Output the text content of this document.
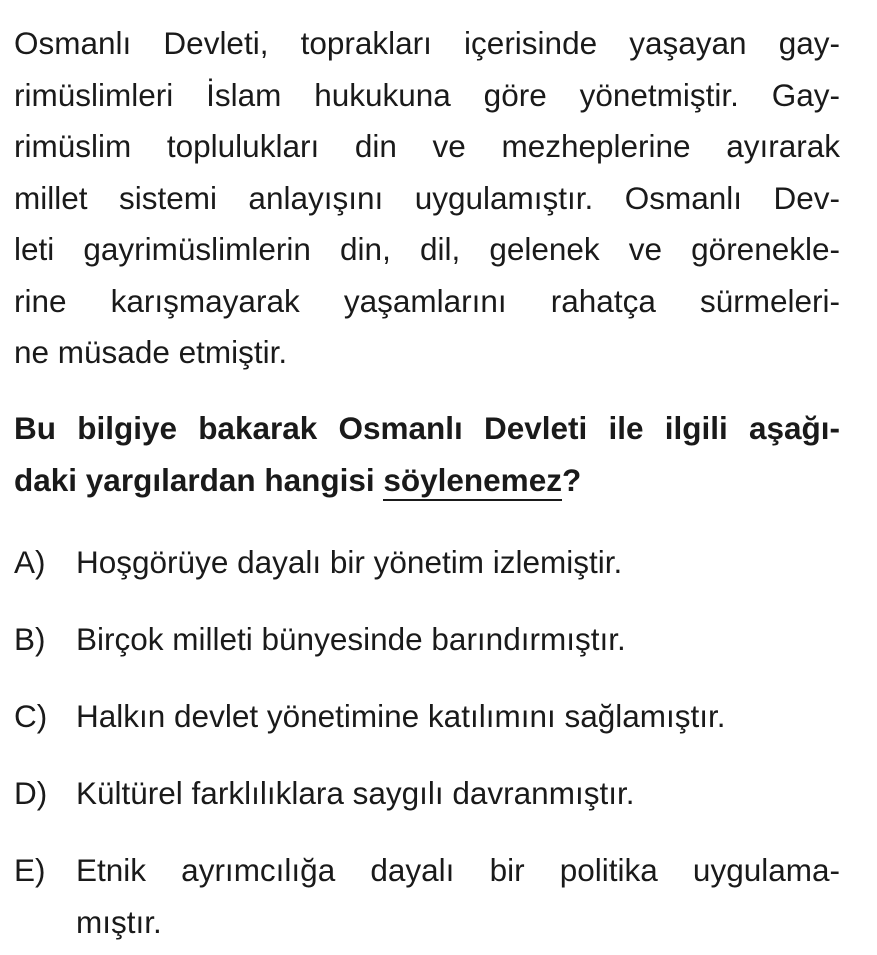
Osmanlı Devleti, toprakları içerisinde yaşayan gay-
rimüslimleri İslam hukukuna göre yönetmiştir. Gay-
rimüslim toplulukları din ve mezheplerine ayırarak
millet sistemi anlayışını uygulamıştır. Osmanlı Dev-
leti gayrimüslimlerin din, dil, gelenek ve görenekle-
rine karışmayarak yaşamlarını rahatça sürmeleri-
ne müsade etmiştir.
Bu bilgiye bakarak Osmanlı Devleti ile ilgili aşağı-
daki yargılardan hangisi söylenemez?
A) Hoşgörüye dayalı bir yönetim izlemiştir.
B) Birçok milleti bünyesinde barındırmıştır.
C) Halkın devlet yönetimine katılımını sağlamıştır.
D) Kültürel farklılıklara saygılı davranmıştır.
E) Etnik ayrımcılığa dayalı bir politika uygulama-
mıştır.
